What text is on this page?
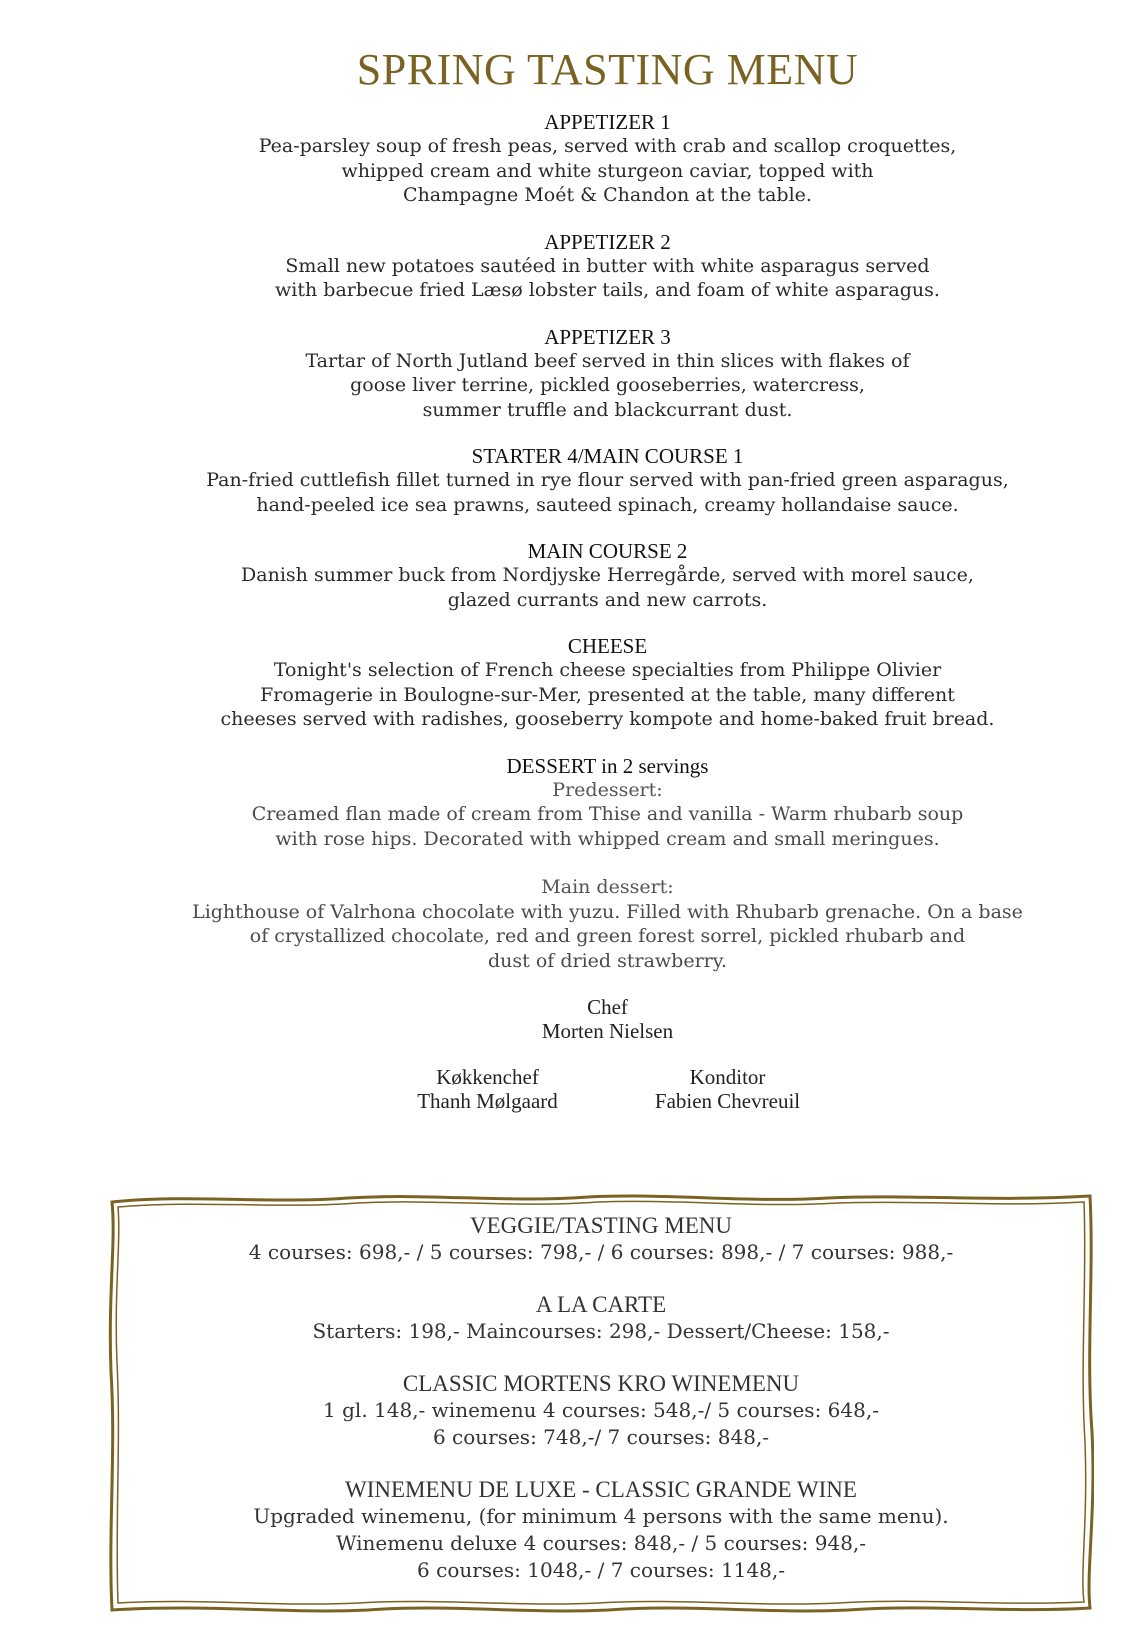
SPRING TASTING MENU

APPETIZER 1

Pea-parsley soup of fresh peas, served with crab and scallop croquettes,

whipped cream and white sturgeon caviar, topped with

Champagne Moét & Chandon at the table.

APPETIZER 2

Small new potatoes sautéed in butter with white asparagus served

with barbecue fried Læsø lobster tails, and foam of white asparagus.

APPETIZER 3

Tartar of North Jutland beef served in thin slices with flakes of

goose liver terrine, pickled gooseberries, watercress,

summer truffle and blackcurrant dust.

STARTER 4/MAIN COURSE 1

Pan-fried cuttlefish fillet turned in rye flour served with pan-fried green asparagus,

hand-peeled ice sea prawns, sauteed spinach, creamy hollandaise sauce.

MAIN COURSE 2

Danish summer buck from Nordjyske Herregårde, served with morel sauce,

glazed currants and new carrots.

CHEESE

Tonight's selection of French cheese specialties from Philippe Olivier

Fromagerie in Boulogne-sur-Mer, presented at the table, many different

cheeses served with radishes, gooseberry kompote and home-baked fruit bread.

DESSERT in 2 servings

Predessert:

Creamed flan made of cream from Thise and vanilla - Warm rhubarb soup

with rose hips. Decorated with whipped cream and small meringues.

Main dessert:

Lighthouse of Valrhona chocolate with yuzu. Filled with Rhubarb grenache. On a base

of crystallized chocolate, red and green forest sorrel, pickled rhubarb and

dust of dried strawberry.

Chef

Morten Nielsen

Køkkenchef

Thanh Mølgaard

Konditor

Fabien Chevreuil

VEGGIE/TASTING MENU

4 courses: 698,- / 5 courses: 798,- / 6 courses: 898,- / 7 courses: 988,-

A LA CARTE

Starters: 198,- Maincourses: 298,- Dessert/Cheese: 158,-

CLASSIC MORTENS KRO WINEMENU

1 gl. 148,- winemenu 4 courses: 548,-/ 5 courses: 648,-

6 courses: 748,-/ 7 courses: 848,-

WINEMENU DE LUXE - CLASSIC GRANDE WINE

Upgraded winemenu, (for minimum 4 persons with the same menu).

Winemenu deluxe 4 courses: 848,- / 5 courses: 948,-

6 courses: 1048,- / 7 courses: 1148,-
